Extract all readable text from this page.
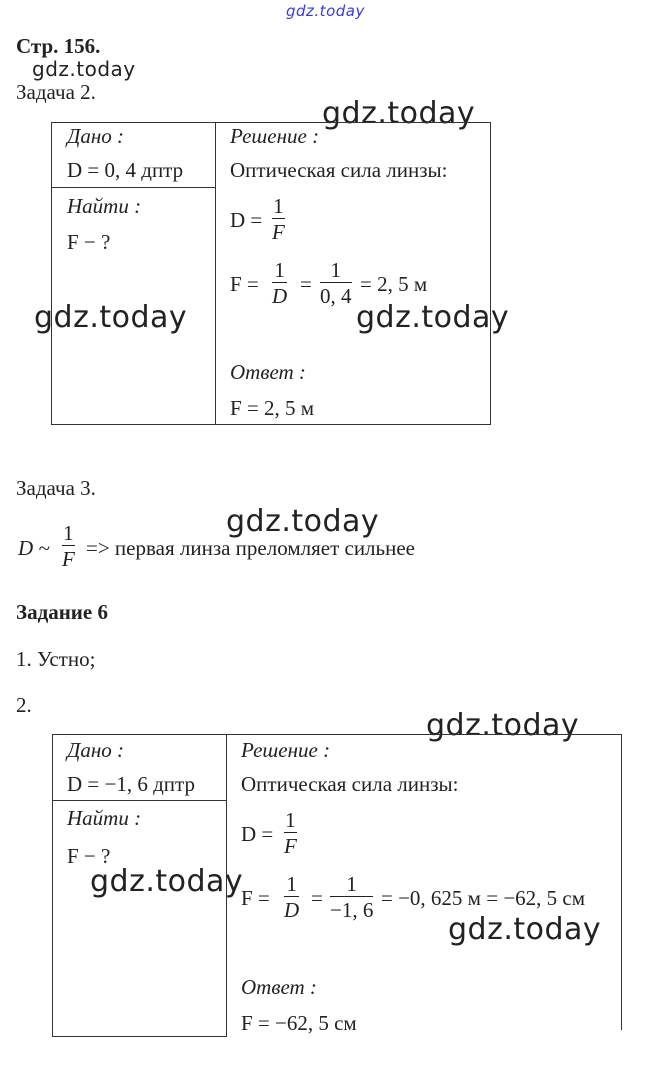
gdz.today
gdz.today
gdz.today
gdz.today	gdz.today
gdz.today
gdz.today
gdz.today
gdz.today
Стр. 156.
Задача 2.
Дано :
D = 0, 4 дптр
Найти :
F − ?
Решение :
Оптическая сила линзы:
D =
1
F
F =
1
D =
1
0, 4 = 2, 5 м
Ответ :
F = 2, 5 м
Задача 3.
D ~
1
F => первая линза преломляет сильнее
Задание 6
1. Устно;
2.
Дано :
D = −1, 6 дптр
Найти :
F − ?
Решение :
Оптическая сила линзы:
D =
1
F
F =
1
D =
1
−1, 6 = −0, 625 м = −62, 5 см
Ответ :
F = −62, 5 см
